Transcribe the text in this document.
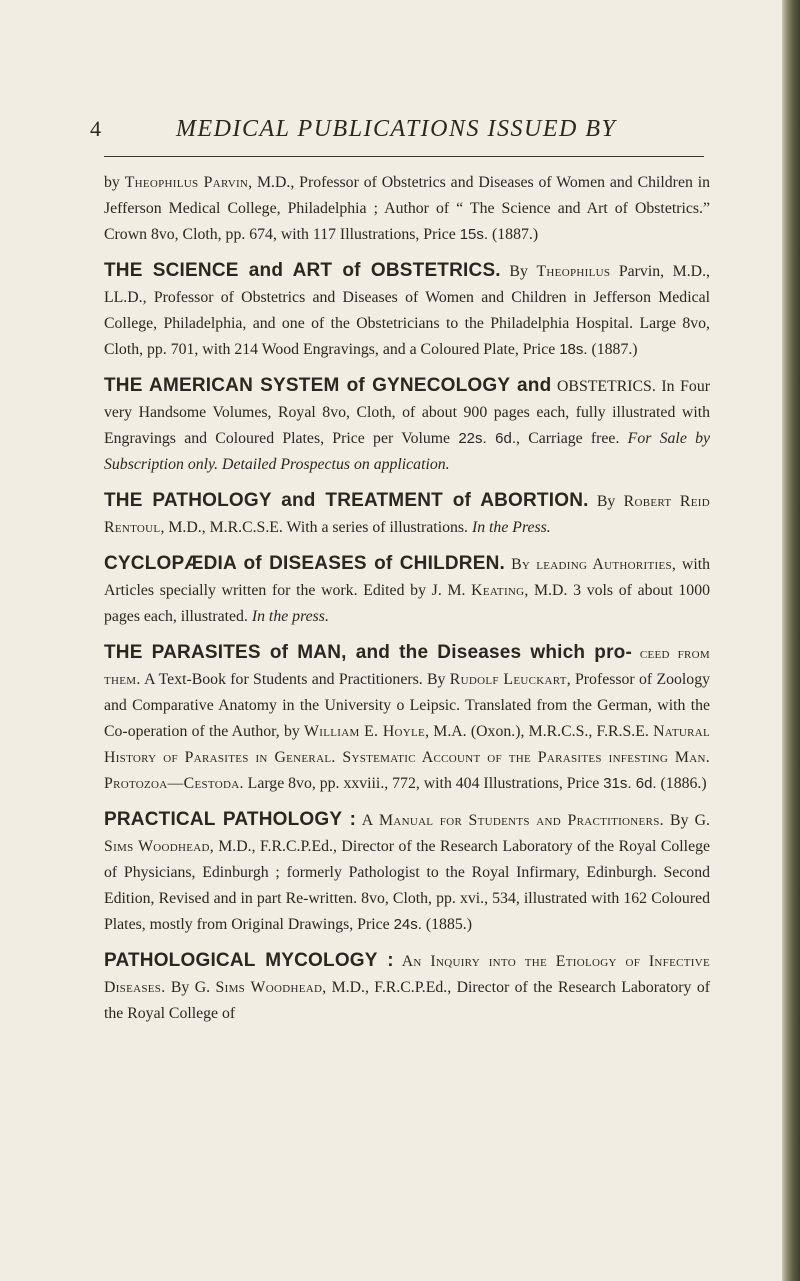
4	MEDICAL PUBLICATIONS ISSUED BY

by Theophilus Parvin, M.D., Professor of Obstetrics and Diseases of Women and Children in Jefferson Medical College, Philadelphia ; Author of “ The Science and Art of Obstetrics.” Crown 8vo, Cloth, pp. 674, with 117 Illustrations, Price 15s. (1887.)

THE SCIENCE and ART of OBSTETRICS. By Theophilus Parvin, M.D., LL.D., Professor of Obstetrics and Diseases of Women and Children in Jefferson Medical College, Philadelphia, and one of the Obstetricians to the Philadelphia Hospital. Large 8vo, Cloth, pp. 701, with 214 Wood Engravings, and a Coloured Plate, Price 18s. (1887.)

THE AMERICAN SYSTEM of GYNECOLOGY and OBSTETRICS. In Four very Handsome Volumes, Royal 8vo, Cloth, of about 900 pages each, fully illustrated with Engravings and Coloured Plates, Price per Volume 22s. 6d., Carriage free. For Sale by Subscription only. Detailed Prospectus on application.

THE PATHOLOGY and TREATMENT of ABORTION. By Robert Reid Rentoul, M.D., M.R.C.S.E. With a series of illustrations. In the Press.

CYCLOPÆDIA of DISEASES of CHILDREN. By leading Authorities, with Articles specially written for the work. Edited by J. M. Keating, M.D. 3 vols of about 1000 pages each, illustrated. In the press.

THE PARASITES of MAN, and the Diseases which pro- ceed from them. A Text-Book for Students and Practitioners. By Rudolf Leuckart, Professor of Zoology and Comparative Anatomy in the University o Leipsic. Translated from the German, with the Co-operation of the Author, by William E. Hoyle, M.A. (Oxon.), M.R.C.S., F.R.S.E. Natural History of Parasites in General. Systematic Account of the Parasites infesting Man. Protozoa—Cestoda. Large 8vo, pp. xxviii., 772, with 404 Illustrations, Price 31s. 6d. (1886.)

PRACTICAL PATHOLOGY : A Manual for Students and Practitioners. By G. Sims Woodhead, M.D., F.R.C.P.Ed., Director of the Research Laboratory of the Royal College of Physicians, Edinburgh ; formerly Pathologist to the Royal Infirmary, Edinburgh. Second Edition, Revised and in part Re-written. 8vo, Cloth, pp. xvi., 534, illustrated with 162 Coloured Plates, mostly from Original Drawings, Price 24s. (1885.)

PATHOLOGICAL MYCOLOGY : An Inquiry into the Etiology of Infective Diseases. By G. Sims Woodhead, M.D., F.R.C.P.Ed., Director of the Research Laboratory of the Royal College of
